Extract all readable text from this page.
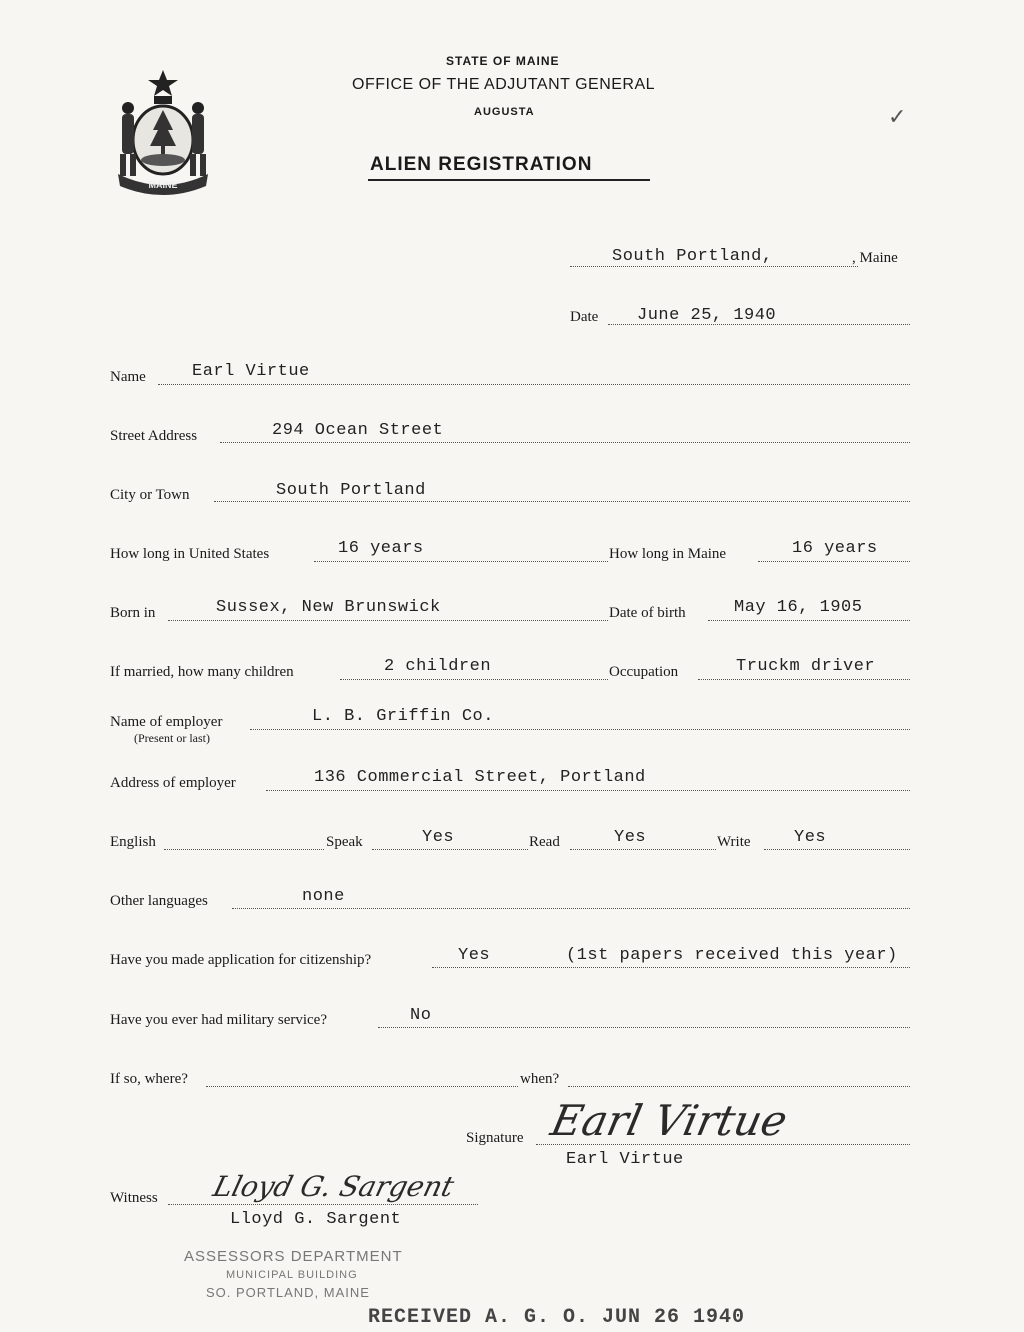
MAINE
STATE OF MAINE
OFFICE OF THE ADJUTANT GENERAL
AUGUSTA
ALIEN REGISTRATION
✓
South Portland,	, Maine
Date June 25, 1940
Name	Earl Virtue
Street Address	294 Ocean Street
City or Town	South Portland
How long in United States	16 years	How long in Maine	16 years
Born in	Sussex, New Brunswick	Date of birth	May 16, 1905
If married, how many children	2 children	Occupation	Truckm driver
Name of employer
(Present or last)
L. B. Griffin Co.
Address of employer	136 Commercial Street, Portland
English	Speak	Yes	Read	Yes	Write	Yes
Other languages	none
Have you made application for citizenship?	Yes	(1st papers received this year)
Have you ever had military service?	No
If so, where?	when?
Signature Earl Virtue
Earl Virtue
Witness Lloyd G. Sargent
Lloyd G. Sargent
ASSESSORS DEPARTMENT
MUNICIPAL BUILDING
SO. PORTLAND, MAINE
RECEIVED A. G. O. JUN 26 1940
